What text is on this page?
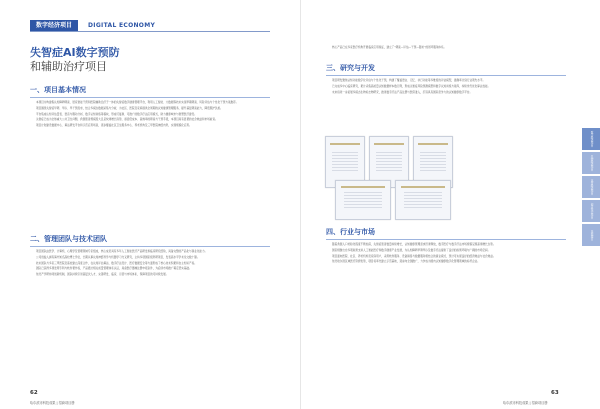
数字经济项目	DIGITAL ECONOMY
失智症AI数字预防
和辅助治疗项目
一、项目基本情况

本项目为构建集认知障碍筛查、居家智能干预和医院辅助治疗于一体的失智症数字健康管理平台，利用人工智能、大数据等技术实现早期筛查、风险评估与个性化干预方案推荐。

项目围绕失智症早筛、早诊、早干预需求，结合多模态数据采集与分析，为社区、医院及家庭提供全周期的认知健康管理服务，提升基层筛查能力，降低照护负担。

平台集成认知评估量表、语音与眼动分析、数字认知训练等模块，形成可复制、可推广的数字疗法应用模式，助力健康城市与智慧医疗建设。

失智症已成为全球重大公共卫生问题，我国患者规模庞大且呈快速增长趋势，亟需低成本、高效率的筛查与干预手段，本项目具有显著的社会效益和市场前景。

项目计划建设数据中心、算法研发平台和示范应用场景，逐步覆盖社区卫生服务中心、养老机构及三甲医院神经内科，实现规模化应用。

二、管理团队与技术团队

项目团队由医学、计算机、心理学及管理领域专家组成，核心成员具有多年人工智能医疗产品研发和临床研究经验，具备完整的产品化与商业化能力。

公司创始人拥有海外知名高校博士学位，长期从事认知神经科学与机器学习交叉研究，主持多项国家级科研项目，发表高水平学术论文数十篇。

技术团队与多家三甲医院及高校建立深度合作，在认知评估算法、数字疗法设计、医疗数据安全等方面形成了核心技术积累和自主知识产权。

团队已获得多项发明专利与软件著作权，产品通过相关质量管理体系认证，具备医疗器械注册申报条件，为后续市场推广奠定坚实基础。

依托产学研协同创新机制，团队持续引进高层次人才，完善研发、临床、运营与市场体系，保障项目的可持续发展。

62
哈尔滨市科技成果 | 招商项目册

核心产品已在多家医疗机构开展临床应用验证，建立了“筛查—评估—干预—随访”的闭环服务体系。

三、研究与开发

项目研发聚焦认知功能数字化评估与个性化干预，构建了覆盖语言、记忆、执行功能等多维度的评估模型，准确率达到行业领先水平。

已完成多中心临床研究，累计采集高质量认知数据样本数万例，形成失智症风险预测模型和数字认知训练方案库，持续迭代优化算法性能。

未来将进一步拓展多模态生物标志物研究，推进数字疗法产品注册与医保准入，打造具有国际竞争力的认知健康数字平台。

四、行业与市场

随着我国人口老龄化程度不断加深，失智症患者数量持续增长，认知健康管理需求迅速释放，数字医疗与数字疗法市场规模呈现高速增长态势。

国家相继出台多项政策支持人工智能医疗和数字健康产业发展，为认知障碍早筛早诊及数字疗法提供了良好的政策环境与广阔的市场空间。

项目面向医院、社区、养老机构及家庭用户，采用软件服务、设备销售与数据服务相结合的商业模式，预计可实现良好的经济效益与社会效益。

依托哈尔滨区域医疗资源优势，项目将率先建立示范基地，逐步向全国推广，力争成为国内认知健康数字化管理领域的标杆企业。

63
哈尔滨市科技成果 | 招商项目册
数字经济项目
生物经济项目
冰雪经济项目
创意设计项目
其他项目
